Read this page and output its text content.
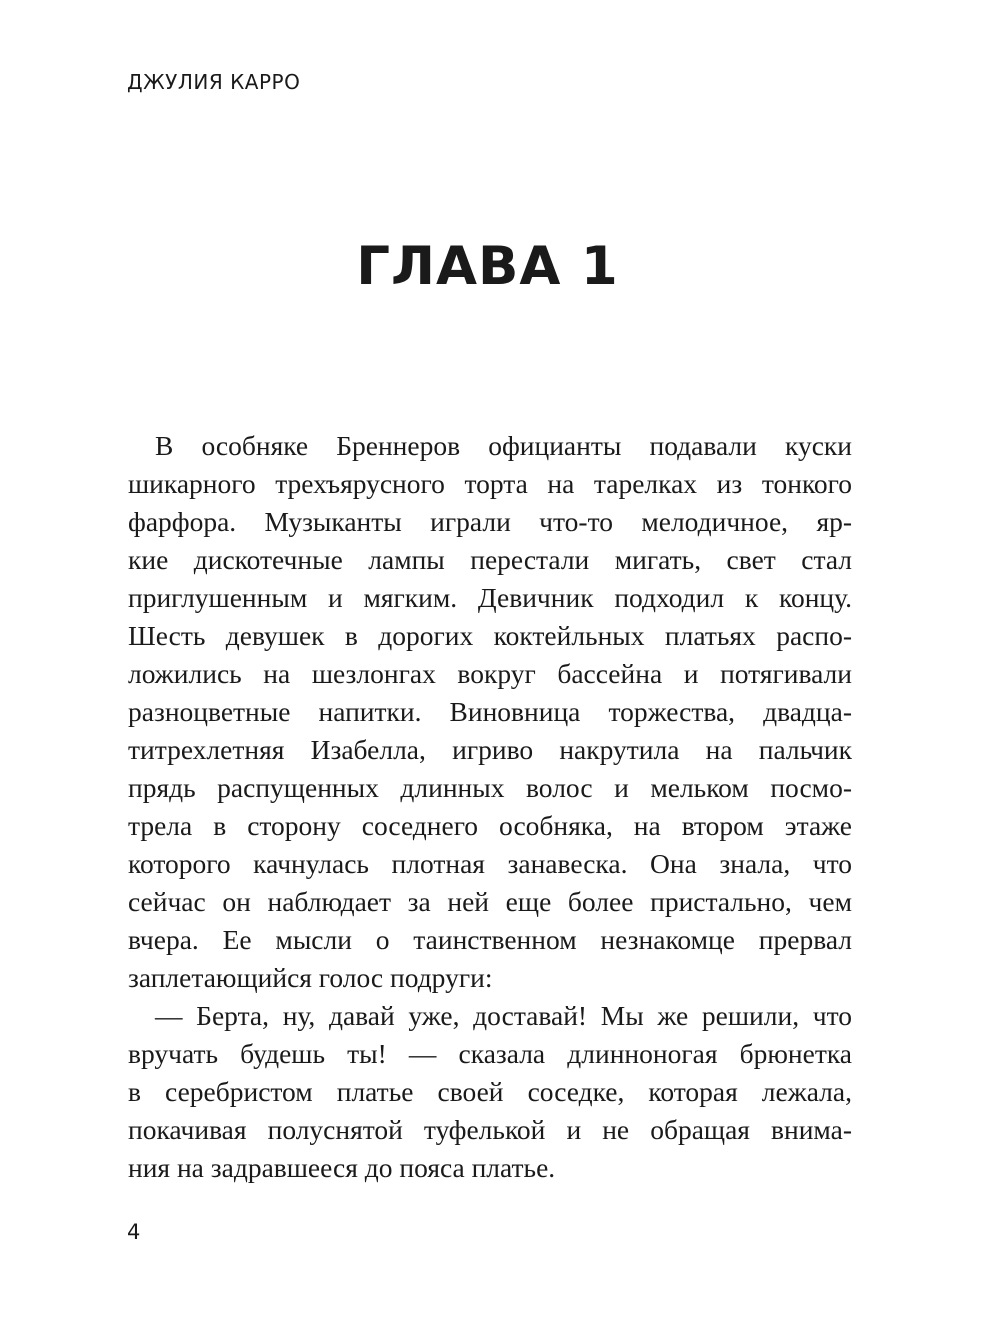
ДЖУЛИЯ КАРРО
ГЛАВА 1
В особняке Бреннеров официанты подавали куски
шикарного трехъярусного торта на тарелках из тонкого
фарфора. Музыканты играли что-то мелодичное, яр-
кие дискотечные лампы перестали мигать, свет стал
приглушенным и мягким. Девичник подходил к концу.
Шесть девушек в дорогих коктейльных платьях распо-
ложились на шезлонгах вокруг бассейна и потягивали
разноцветные напитки. Виновница торжества, двадца-
титрехлетняя Изабелла, игриво накрутила на пальчик
прядь распущенных длинных волос и мельком посмо-
трела в сторону соседнего особняка, на втором этаже
которого качнулась плотная занавеска. Она знала, что
сейчас он наблюдает за ней еще более пристально, чем
вчера. Ее мысли о таинственном незнакомце прервал
заплетающийся голос подруги:
— Берта, ну, давай уже, доставай! Мы же решили, что
вручать будешь ты! — сказала длинноногая брюнетка
в серебристом платье своей соседке, которая лежала,
покачивая полуснятой туфелькой и не обращая внима-
ния на задравшееся до пояса платье.
4
